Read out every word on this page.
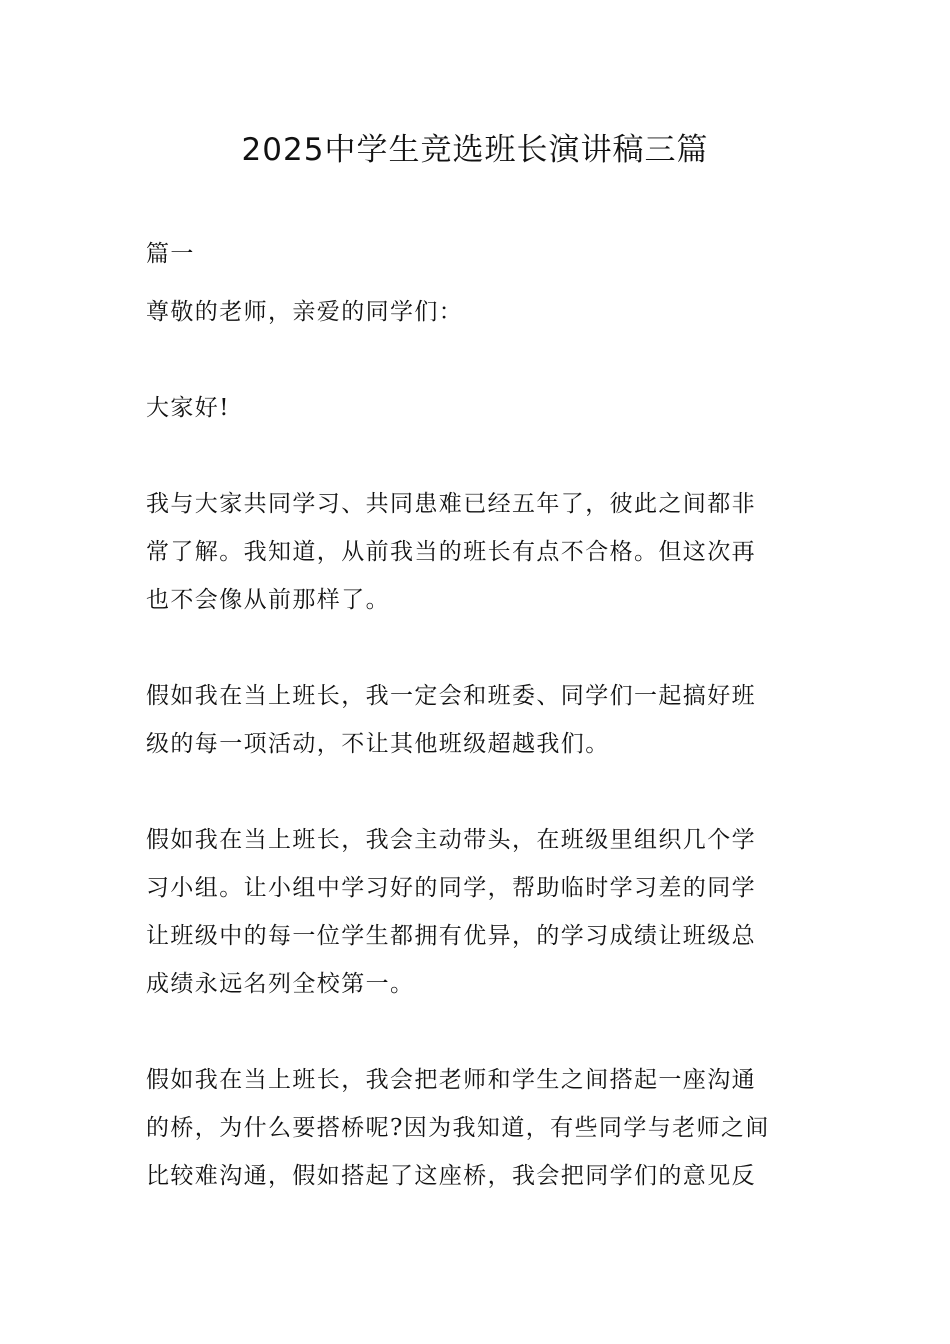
2025中学生竞选班长演讲稿三篇

篇一

尊敬的老师，亲爱的同学们：

大家好!
我与大家共同学习、共同患难已经五年了，彼此之间都非
常了解。我知道，从前我当的班长有点不合格。但这次再
也不会像从前那样了。
假如我在当上班长，我一定会和班委、同学们一起搞好班
级的每一项活动，不让其他班级超越我们。
假如我在当上班长，我会主动带头，在班级里组织几个学
习小组。让小组中学习好的同学，帮助临时学习差的同学
让班级中的每一位学生都拥有优异，的学习成绩让班级总
成绩永远名列全校第一。
假如我在当上班长，我会把老师和学生之间搭起一座沟通
的桥，为什么要搭桥呢?因为我知道，有些同学与老师之间
比较难沟通，假如搭起了这座桥，我会把同学们的意见反
